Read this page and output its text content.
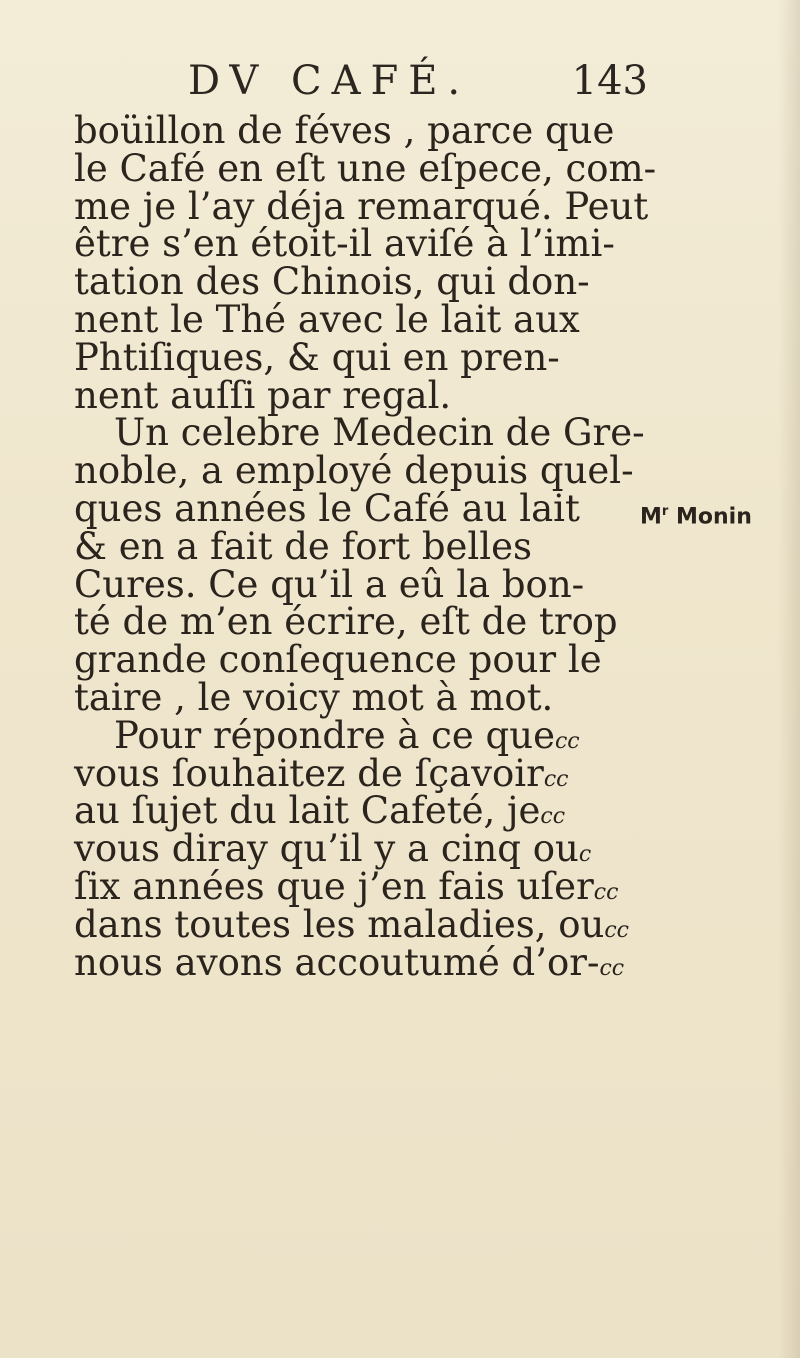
DV CAFÉ.	143
boüillon de féves , parce que
le Café en eſt une eſpece, com-
me je l’ay déja remarqué. Peut
être s’en étoit-il aviſé à l’imi-
tation des Chinois, qui don-
nent le Thé avec le lait aux
Phtiſiques, & qui en pren-
nent auſſi par regal.
Un celebre Medecin de Gre-
noble, a employé depuis quel-
ques années le Café au lait
& en a fait de fort belles
Cures. Ce qu’il a eû la bon-
té de m’en écrire, eſt de trop
grande conſequence pour le
taire , le voicy mot à mot.
Pour répondre à ce quecc
vous ſouhaitez de ſçavoircc
au ſujet du lait Cafeté, jecc
vous diray qu’il y a cinq ouc
ſix années que j’en fais uſercc
dans toutes les maladies, oucc
nous avons accoutumé d’or-cc
$M^r$ Monin
